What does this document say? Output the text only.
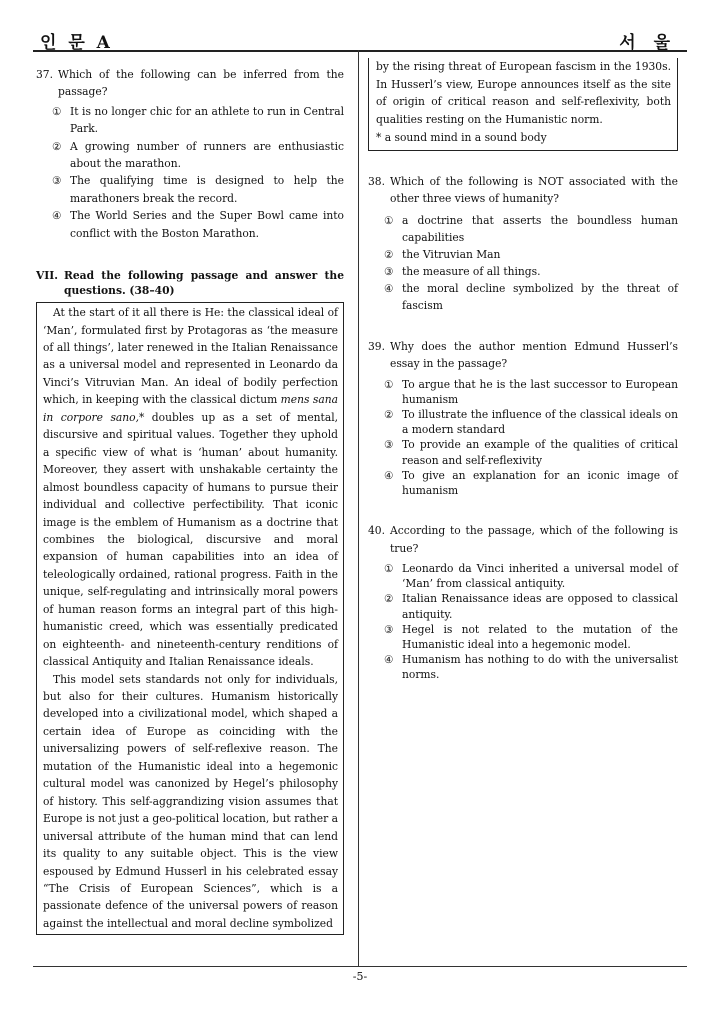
인 문 A	서 울
-5-
37. Which of the following can be inferred from the passage?
① It is no longer chic for an athlete to run in Central Park.
② A growing number of runners are enthusiastic about the marathon.
③ The qualifying time is designed to help the marathoners break the record.
④ The World Series and the Super Bowl came into conflict with the Boston Marathon.
VII. Read the following passage and answer the questions. (38–40)

At the start of it all there is He: the classical ideal of ‘Man’, formulated first by Protagoras as ‘the measure of all things’, later renewed in the Italian Renaissance as a universal model and represented in Leonardo da Vinci’s Vitruvian Man. An ideal of bodily perfection which, in keeping with the classical dictum mens sana in corpore sano,* doubles up as a set of mental, discursive and spiritual values. Together they uphold a specific view of what is ‘human’ about humanity. Moreover, they assert with unshakable certainty the almost boundless capacity of humans to pursue their individual and collective perfectibility. That iconic image is the emblem of Humanism as a doctrine that combines the biological, discursive and moral expansion of human capabilities into an idea of teleologically ordained, rational progress. Faith in the unique, self-regulating and intrinsically moral powers of human reason forms an integral part of this high-humanistic creed, which was essentially predicated on eighteenth- and nineteenth-century renditions of classical Antiquity and Italian Renaissance ideals.

This model sets standards not only for individuals, but also for their cultures. Humanism historically developed into a civilizational model, which shaped a certain idea of Europe as coinciding with the universalizing powers of self-reflexive reason. The mutation of the Humanistic ideal into a hegemonic cultural model was canonized by Hegel’s philosophy of history. This self-aggrandizing vision assumes that Europe is not just a geo-political location, but rather a universal attribute of the human mind that can lend its quality to any suitable object. This is the view espoused by Edmund Husserl in his celebrated essay “The Crisis of European Sciences”, which is a passionate defence of the universal powers of reason against the intellectual and moral decline symbolized

by the rising threat of European fascism in the 1930s. In Husserl’s view, Europe announces itself as the site of origin of critical reason and self-reflexivity, both qualities resting on the Humanistic norm.

* a sound mind in a sound body
38. Which of the following is NOT associated with the other three views of humanity?
① a doctrine that asserts the boundless human capabilities
② the Vitruvian Man
③ the measure of all things.
④ the moral decline symbolized by the threat of fascism
39. Why does the author mention Edmund Husserl’s essay in the passage?
① To argue that he is the last successor to European humanism
② To illustrate the influence of the classical ideals on a modern standard
③ To provide an example of the qualities of critical reason and self-reflexivity
④ To give an explanation for an iconic image of humanism
40. According to the passage, which of the following is true?
① Leonardo da Vinci inherited a universal model of ‘Man’ from classical antiquity.
② Italian Renaissance ideas are opposed to classical antiquity.
③ Hegel is not related to the mutation of the Humanistic ideal into a hegemonic model.
④ Humanism has nothing to do with the universalist norms.
